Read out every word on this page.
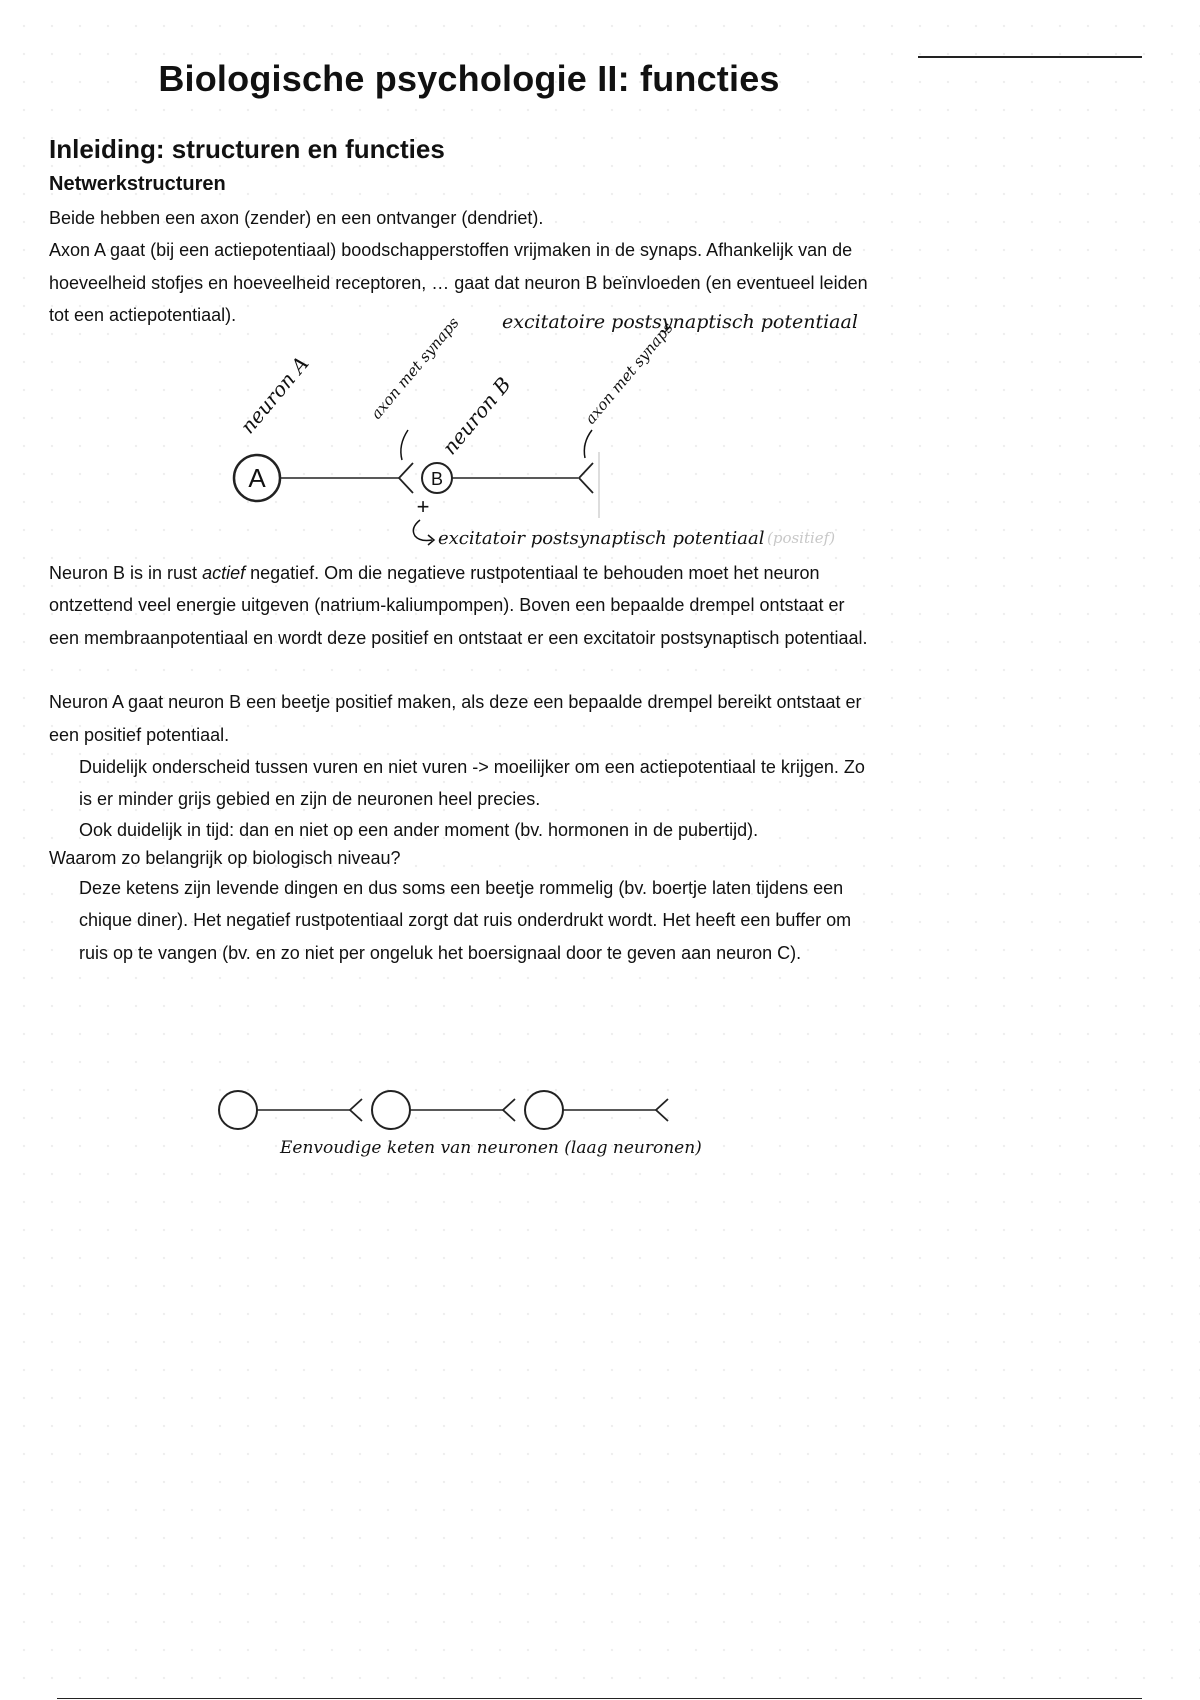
Biologische psychologie II: functies
Inleiding: structuren en functies
Netwerkstructuren

Beide hebben een axon (zender) en een ontvanger (dendriet).

Axon A gaat (bij een actiepotentiaal) boodschapperstoffen vrijmaken in de synaps. Afhankelijk van de hoeveelheid stofjes en hoeveelheid receptoren, … gaat dat neuron B beïnvloeden (en eventueel leiden tot een actiepotentiaal).	excitatoire postsynaptisch potentiaal
neuron A	axon met synaps
neuron B	axon met synaps
A	B
+
excitatoir postsynaptisch potentiaal (positief)

Neuron B is in rust actief negatief. Om die negatieve rustpotentiaal te behouden moet het neuron ontzettend veel energie uitgeven (natrium-kaliumpompen). Boven een bepaalde drempel ontstaat er een membraanpotentiaal en wordt deze positief en ontstaat er een excitatoir postsynaptisch potentiaal.

Neuron A gaat neuron B een beetje positief maken, als deze een bepaalde drempel bereikt ontstaat er een positief potentiaal.

Duidelijk onderscheid tussen vuren en niet vuren -> moeilijker om een actiepotentiaal te krijgen. Zo is er minder grijs gebied en zijn de neuronen heel precies.

Ook duidelijk in tijd: dan en niet op een ander moment (bv. hormonen in de pubertijd).

Waarom zo belangrijk op biologisch niveau?

Deze ketens zijn levende dingen en dus soms een beetje rommelig (bv. boertje laten tijdens een chique diner). Het negatief rustpotentiaal zorgt dat ruis onderdrukt wordt. Het heeft een buffer om ruis op te vangen (bv. en zo niet per ongeluk het boersignaal door te geven aan neuron C).

Eenvoudige keten van neuronen (laag neuronen)
